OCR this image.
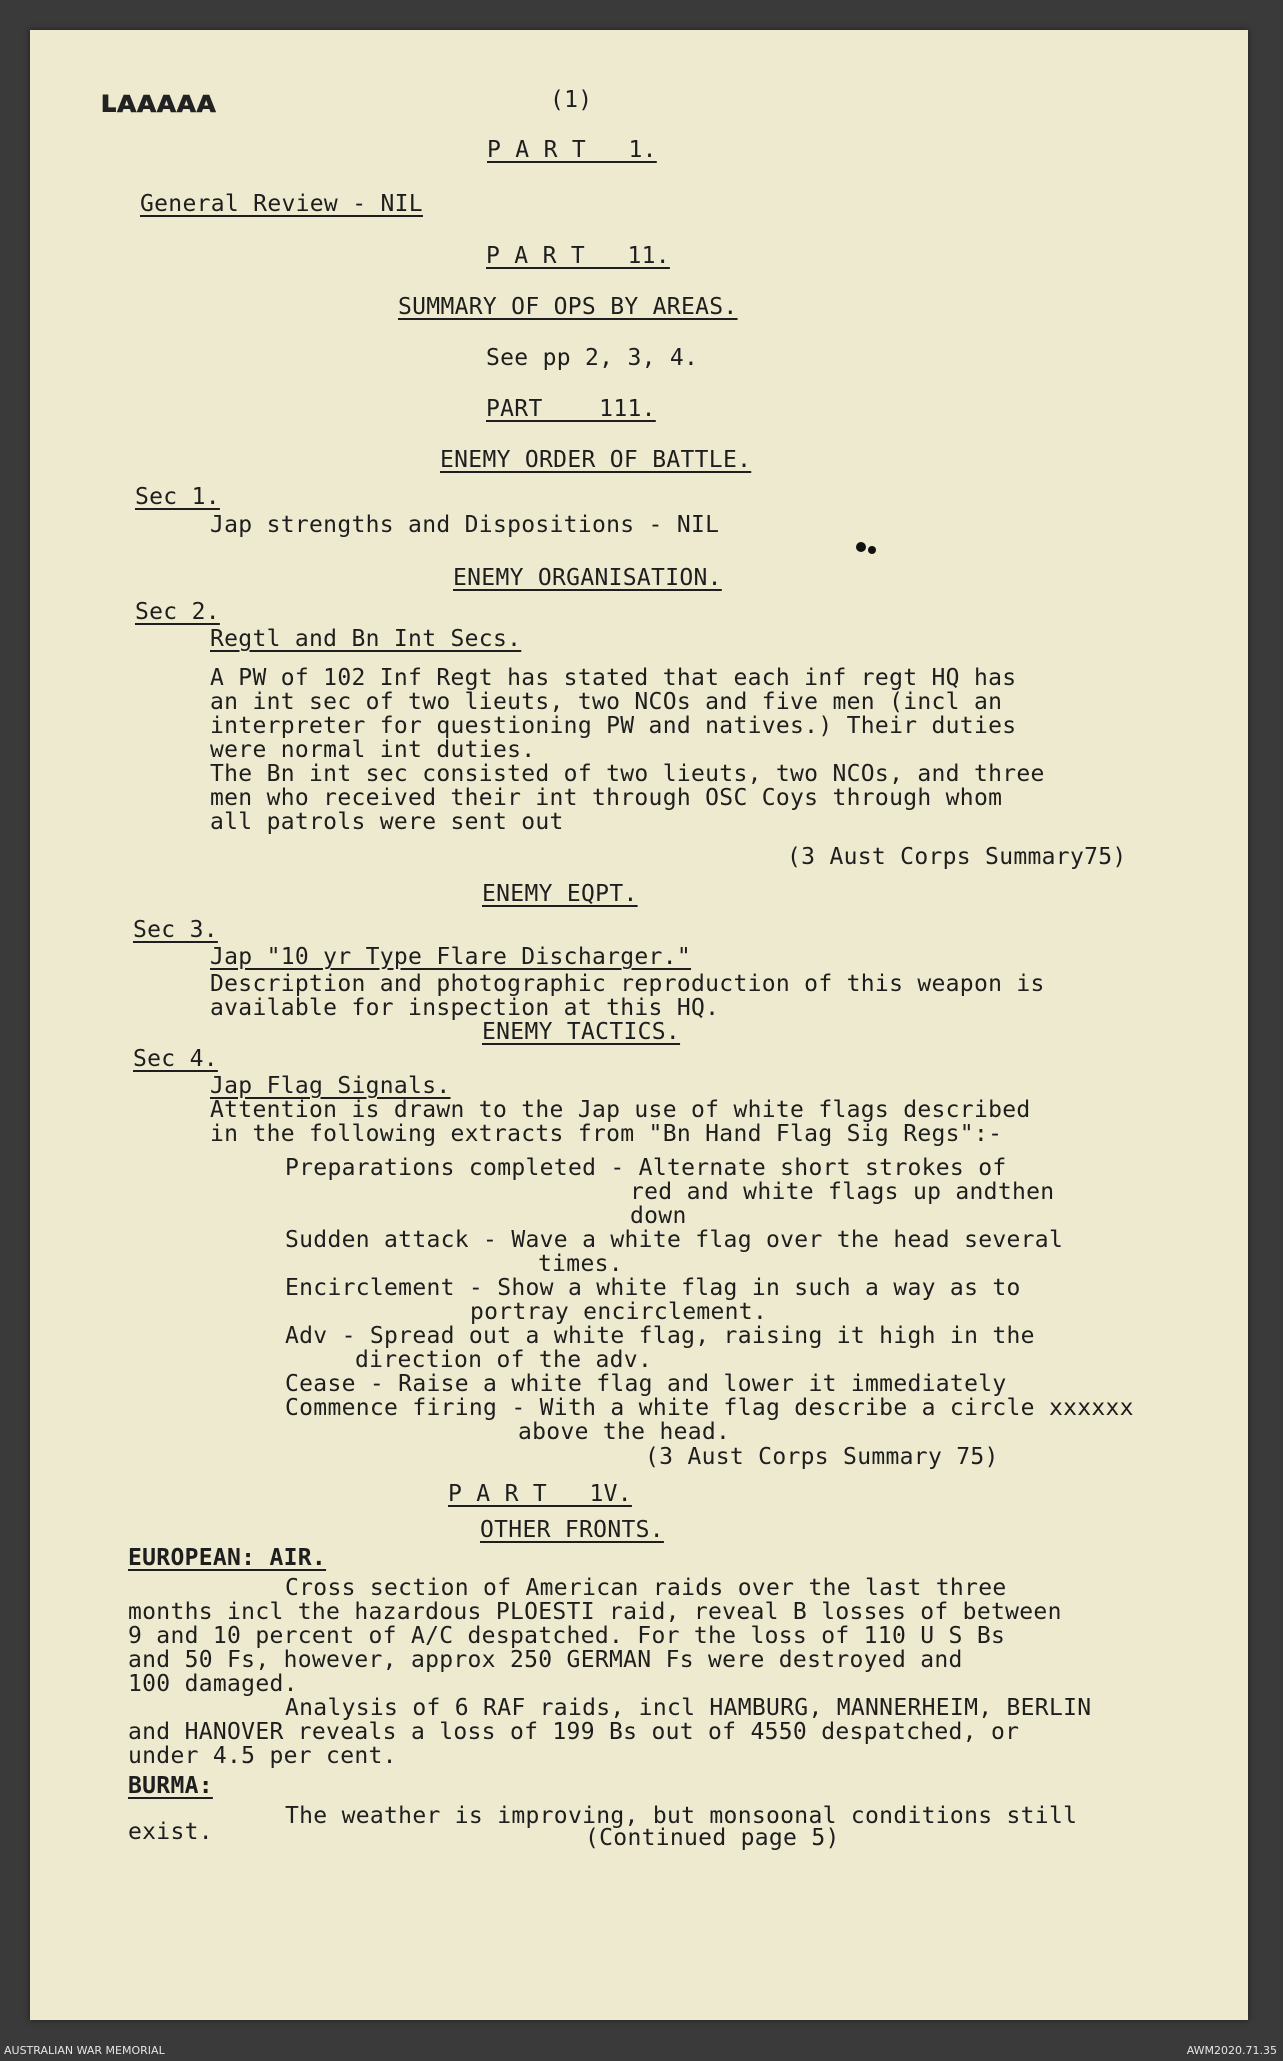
ʟᴀᴀᴀᴀᴀ	(1)
P A R T   1.
General Review - NIL
P A R T   11.
SUMMARY OF OPS BY AREAS.
See pp 2, 3, 4.
PART    111.
ENEMY ORDER OF BATTLE.
Sec 1.
Jap strengths and Dispositions - NIL
ENEMY ORGANISATION.
Sec 2.
Regtl and Bn Int Secs.
A PW of 102 Inf Regt has stated that each inf regt HQ has
an int sec of two lieuts, two NCOs and five men (incl an
interpreter for questioning PW and natives.) Their duties
were normal int duties.
The Bn int sec consisted of two lieuts, two NCOs, and three
men who received their int through OSC Coys through whom
all patrols were sent out
(3 Aust Corps Summary75)
ENEMY EQPT.
Sec 3.
Jap "10 yr Type Flare Discharger."
Description and photographic reproduction of this weapon is
available for inspection at this HQ.
ENEMY TACTICS.
Sec 4.
Jap Flag Signals.
Attention is drawn to the Jap use of white flags described
in the following extracts from "Bn Hand Flag Sig Regs":-
Preparations completed - Alternate short strokes of
red and white flags up andthen
down
Sudden attack - Wave a white flag over the head several
times.
Encirclement - Show a white flag in such a way as to
portray encirclement.
Adv - Spread out a white flag, raising it high in the
direction of the adv.
Cease - Raise a white flag and lower it immediately
Commence firing - With a white flag describe a circle xxxxxx
above the head.
(3 Aust Corps Summary 75)
P A R T   1V.
OTHER FRONTS.
EUROPEAN: AIR.
Cross section of American raids over the last three
months incl the hazardous PLOESTI raid, reveal B losses of between
9 and 10 percent of A/C despatched. For the loss of 110 U S Bs
and 50 Fs, however, approx 250 GERMAN Fs were destroyed and
100 damaged.
Analysis of 6 RAF raids, incl HAMBURG, MANNERHEIM, BERLIN
and HANOVER reveals a loss of 199 Bs out of 4550 despatched, or
under 4.5 per cent.
BURMA:
The weather is improving, but monsoonal conditions still
exist.	(Continued page 5)
AUSTRALIAN WAR MEMORIAL	AWM2020.71.35
